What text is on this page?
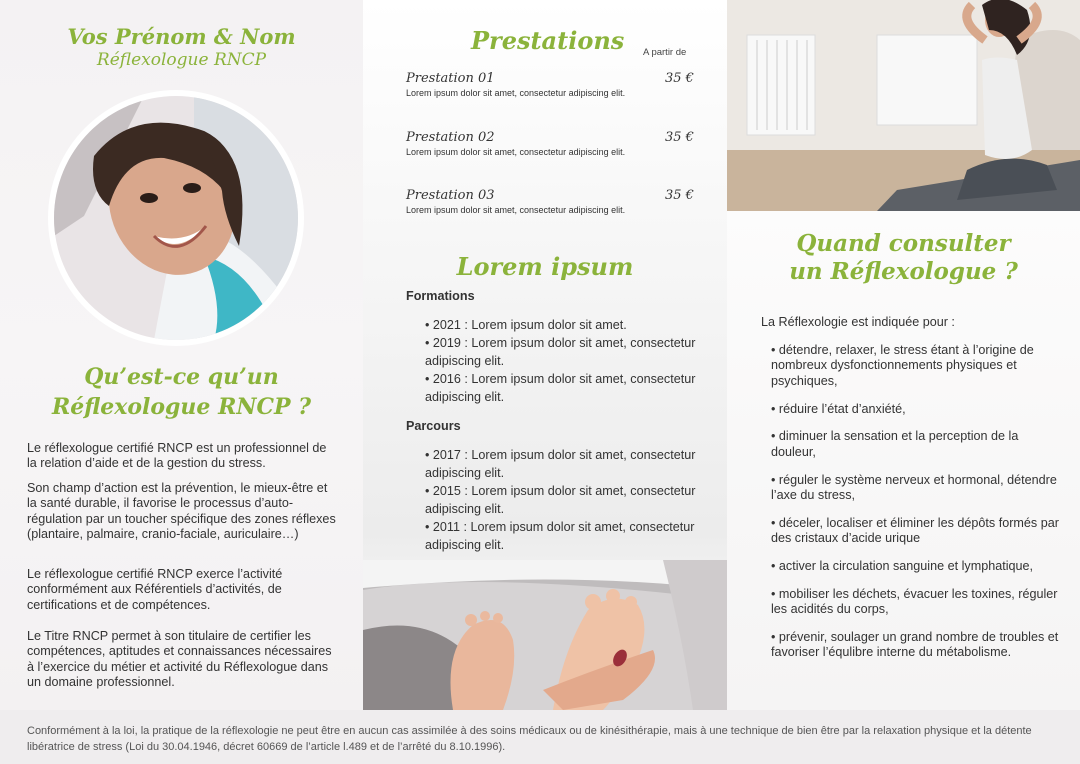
Vos Prénom & Nom
Réflexologue RNCP
Qu’est-ce qu’un
Réflexologue RNCP ?

Le réflexologue certifié RNCP est un professionnel de la relation d’aide et de la gestion du stress.

Son champ d’action est la prévention, le mieux-être et la santé durable, il favorise le processus d’auto-régulation par un toucher spécifique des zones réflexes (plantaire, palmaire, cranio-faciale, auriculaire…)

Le réflexologue certifié RNCP exerce l’activité conformément aux Référentiels d’activités, de certifications et de compétences.

Le Titre RNCP permet à son titulaire de certifier les compétences, aptitudes et connaissances nécessaires à l’exercice du métier et activité du Réflexologue dans un domaine professionnel.

Prestations A partir de
Prestation 01	35 €
Lorem ipsum dolor sit amet, consectetur adipiscing elit.
Prestation 02	35 €
Lorem ipsum dolor sit amet, consectetur adipiscing elit.
Prestation 03	35 €
Lorem ipsum dolor sit amet, consectetur adipiscing elit.
Lorem ipsum
Formations
• 2021 : Lorem ipsum dolor sit amet.
• 2019 : Lorem ipsum dolor sit amet, consectetur adipiscing elit.
• 2016 : Lorem ipsum dolor sit amet, consectetur adipiscing elit.
Parcours
• 2017 : Lorem ipsum dolor sit amet, consectetur adipiscing elit.
• 2015 : Lorem ipsum dolor sit amet, consectetur adipiscing elit.
• 2011 : Lorem ipsum dolor sit amet, consectetur adipiscing elit.
Quand consulter
un Réflexologue ?
La Réflexologie est indiquée pour :
• détendre, relaxer, le stress étant à l’origine de nombreux dysfonctionnements physiques et psychiques,
• réduire l’état d’anxiété,
• diminuer la sensation et la perception de la douleur,
• réguler le système nerveux et hormonal, détendre l’axe du stress,
• déceler, localiser et éliminer les dépôts formés par des cristaux d’acide urique
• activer la circulation sanguine et lymphatique,
• mobiliser les déchets, évacuer les toxines, réguler les acidités du corps,
• prévenir, soulager un grand nombre de troubles et favoriser l’équlibre interne du métabolisme.

Conformément à la loi, la pratique de la réflexologie ne peut être en aucun cas assimilée à des soins médicaux ou de kinésithérapie, mais à une technique de bien être par la relaxation physique et la détente libératrice de stress (Loi du 30.04.1946, décret 60669 de l’article l.489 et de l’arrêté du 8.10.1996).
